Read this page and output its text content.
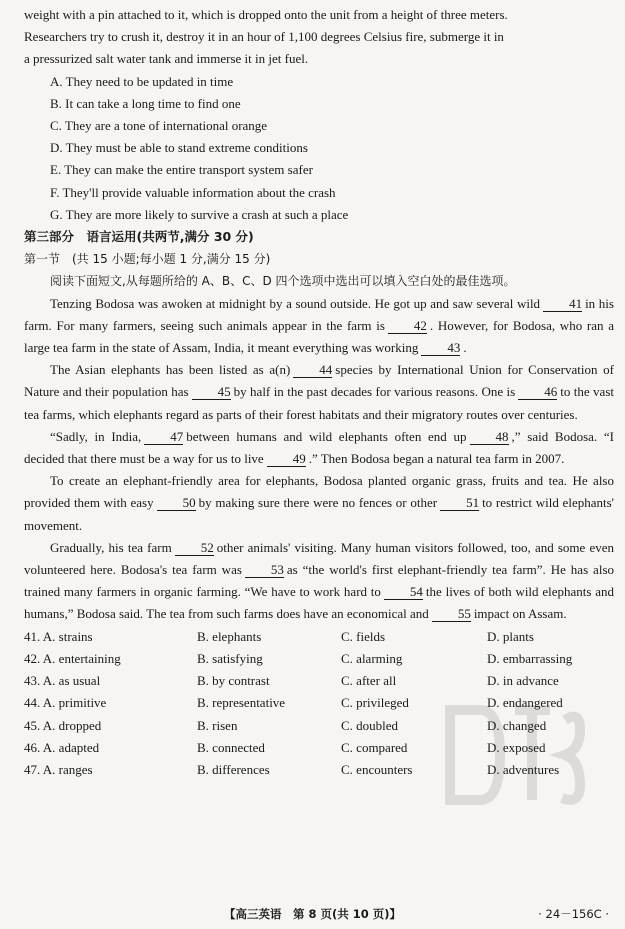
weight with a pin attached to it, which is dropped onto the unit from a height of three meters.

Researchers try to crush it, destroy it in an hour of 1,100 degrees Celsius fire, submerge it in

a pressurized salt water tank and immerse it in jet fuel.

A. They need to be updated in time

B. It can take a long time to find one

C. They are a tone of international orange

D. They must be able to stand extreme conditions

E. They can make the entire transport system safer

F. They'll provide valuable information about the crash

G. They are more likely to survive a crash at such a place

第三部分　语言运用(共两节,满分 30 分)

第一节　(共 15 小题;每小题 1 分,满分 15 分)

阅读下面短文,从每题所给的 A、B、C、D 四个选项中选出可以填入空白处的最佳选项。

Tenzing Bodosa was awoken at midnight by a sound outside. He got up and saw several wild 41 in his farm. For many farmers, seeing such animals appear in the farm is 42 . However, for Bodosa, who ran a large tea farm in the state of Assam, India, it meant everything was working 43 .

The Asian elephants has been listed as a(n) 44 species by International Union for Conservation of Nature and their population has 45 by half in the past decades for various reasons. One is 46 to the vast tea farms, which elephants regard as parts of their forest habitats and their migratory routes over centuries.

“Sadly, in India, 47 between humans and wild elephants often end up 48 ,” said Bodosa. “I decided that there must be a way for us to live 49 .” Then Bodosa began a natural tea farm in 2007.

To create an elephant-friendly area for elephants, Bodosa planted organic grass, fruits and tea. He also provided them with easy 50 by making sure there were no fences or other 51 to restrict wild elephants' movement.

Gradually, his tea farm 52 other animals' visiting. Many human visitors followed, too, and some even volunteered here. Bodosa's tea farm was 53 as “the world's first elephant-friendly tea farm”. He has also trained many farmers in organic farming. “We have to work hard to 54 the lives of both wild elephants and humans,” Bodosa said. The tea from such farms does have an economical and 55 impact on Assam.

41. A. strains	B. elephants	C. fields	D. plants
42. A. entertaining	B. satisfying	C. alarming	D. embarrassing
43. A. as usual	B. by contrast	C. after all	D. in advance
44. A. primitive	B. representative	C. privileged	D. endangered
45. A. dropped	B. risen	C. doubled	D. changed
46. A. adapted	B. connected	C. compared	D. exposed
47. A. ranges	B. differences	C. encounters	D. adventures
【高三英语　第 8 页(共 10 页)】	· 24－156C ·
